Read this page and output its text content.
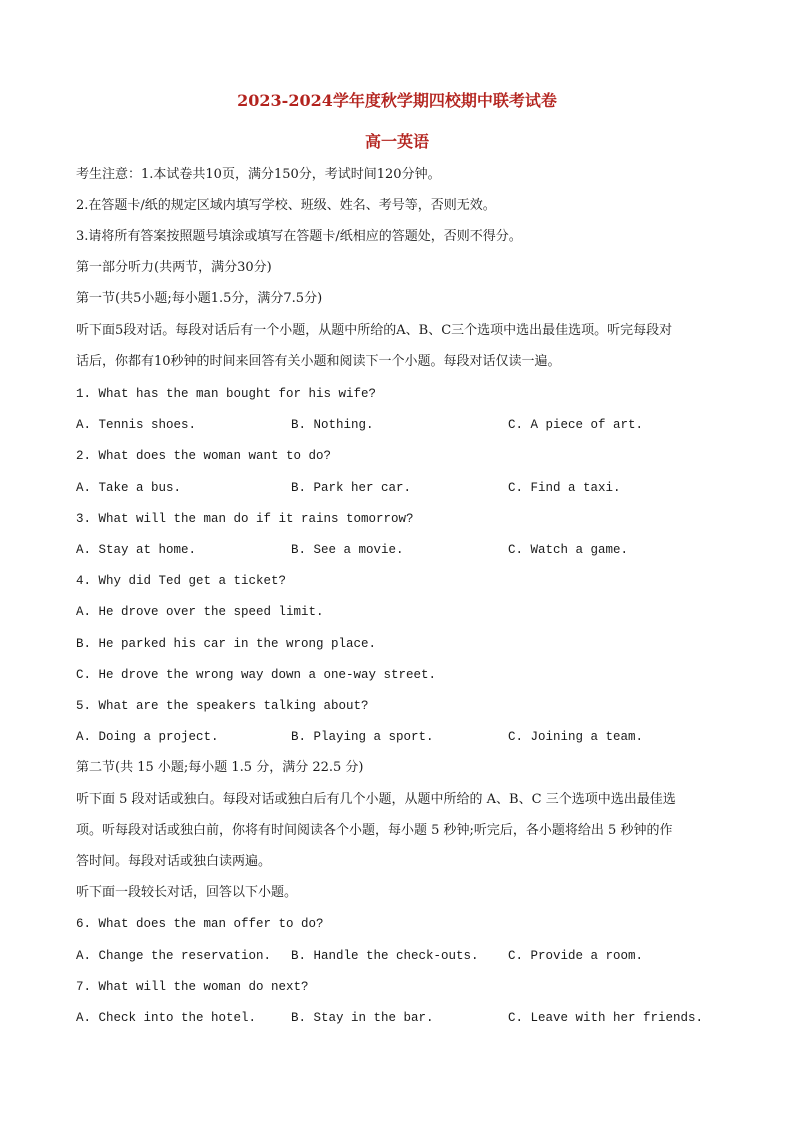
2023-2024学年度秋学期四校期中联考试卷
高一英语
考生注意：1.本试卷共10页，满分150分，考试时间120分钟。
2.在答题卡/纸的规定区域内填写学校、班级、姓名、考号等，否则无效。
3.请将所有答案按照题号填涂或填写在答题卡/纸相应的答题处，否则不得分。
第一部分听力(共两节，满分30分)
第一节(共5小题;每小题1.5分，满分7.5分)
听下面5段对话。每段对话后有一个小题，从题中所给的A、B、C三个选项中选出最佳选项。听完每段对
话后，你都有10秒钟的时间来回答有关小题和阅读下一个小题。每段对话仅读一遍。
1. What has the man bought for his wife?
A. Tennis shoes.	B. Nothing.	C. A piece of art.
2. What does the woman want to do?
A. Take a bus.	B. Park her car.	C. Find a taxi.
3. What will the man do if it rains tomorrow?
A. Stay at home.	B. See a movie.	C. Watch a game.
4. Why did Ted get a ticket?
A. He drove over the speed limit.
B. He parked his car in the wrong place.
C. He drove the wrong way down a one-way street.
5. What are the speakers talking about?
A. Doing a project.	B. Playing a sport.	C. Joining a team.
第二节(共 15 小题;每小题 1.5 分，满分 22.5 分)
听下面 5 段对话或独白。每段对话或独白后有几个小题，从题中所给的 A、B、C 三个选项中选出最佳选
项。听每段对话或独白前，你将有时间阅读各个小题，每小题 5 秒钟;听完后，各小题将给出 5 秒钟的作
答时间。每段对话或独白读两遍。
听下面一段较长对话，回答以下小题。
6. What does the man offer to do?
A. Change the reservation. B. Handle the check-outs. C. Provide a room.
7. What will the woman do next?
A. Check into the hotel.	B. Stay in the bar.	C. Leave with her friends.
